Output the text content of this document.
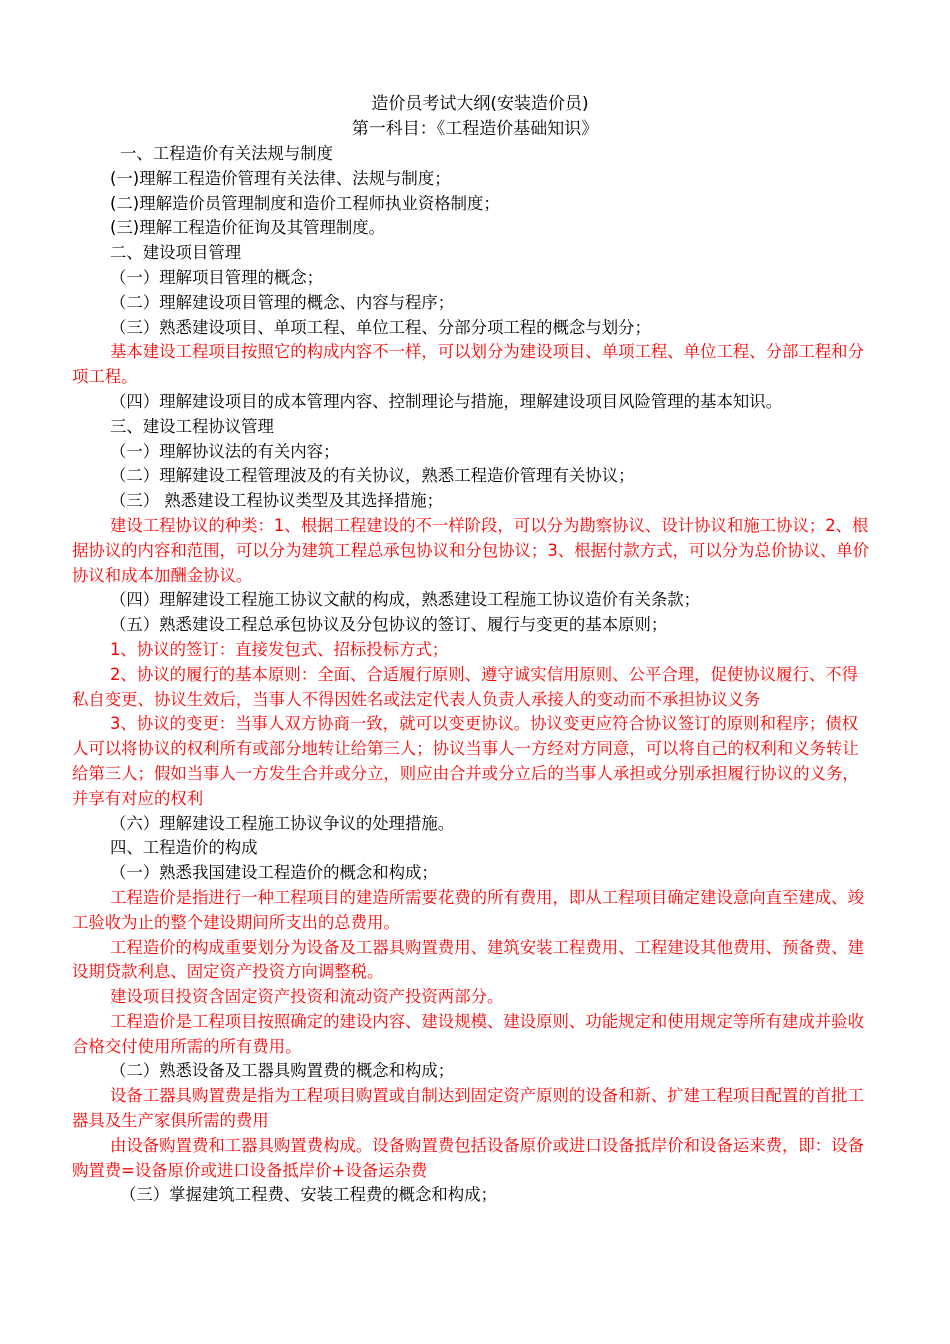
造价员考试大纲(安装造价员)
第一科目：《工程造价基础知识》
一、工程造价有关法规与制度
(一)理解工程造价管理有关法律、法规与制度；
(二)理解造价员管理制度和造价工程师执业资格制度；
(三)理解工程造价征询及其管理制度。
二、建设项目管理
（一）理解项目管理的概念；
（二）理解建设项目管理的概念、内容与程序；
（三）熟悉建设项目、单项工程、单位工程、分部分项工程的概念与划分；
基本建设工程项目按照它的构成内容不一样，可以划分为建设项目、单项工程、单位工程、分部工程和分项工程。
（四）理解建设项目的成本管理内容、控制理论与措施，理解建设项目风险管理的基本知识。
三、建设工程协议管理
（一）理解协议法的有关内容；
（二）理解建设工程管理波及的有关协议，熟悉工程造价管理有关协议；
（三） 熟悉建设工程协议类型及其选择措施；
建设工程协议的种类：1、根据工程建设的不一样阶段，可以分为勘察协议、设计协议和施工协议；2、根据协议的内容和范围，可以分为建筑工程总承包协议和分包协议；3、根据付款方式，可以分为总价协议、单价协议和成本加酬金协议。
（四）理解建设工程施工协议文献的构成，熟悉建设工程施工协议造价有关条款；
（五）熟悉建设工程总承包协议及分包协议的签订、履行与变更的基本原则；
1、协议的签订：直接发包式、招标投标方式；
2、协议的履行的基本原则：全面、合适履行原则、遵守诚实信用原则、公平合理，促使协议履行、不得私自变更、协议生效后，当事人不得因姓名或法定代表人负责人承接人的变动而不承担协议义务
3、协议的变更：当事人双方协商一致，就可以变更协议。协议变更应符合协议签订的原则和程序；债权人可以将协议的权利所有或部分地转让给第三人；协议当事人一方经对方同意，可以将自己的权利和义务转让给第三人；假如当事人一方发生合并或分立，则应由合并或分立后的当事人承担或分别承担履行协议的义务，并享有对应的权利
（六）理解建设工程施工协议争议的处理措施。
四、工程造价的构成
（一）熟悉我国建设工程造价的概念和构成；
工程造价是指进行一种工程项目的建造所需要花费的所有费用，即从工程项目确定建设意向直至建成、竣工验收为止的整个建设期间所支出的总费用。
工程造价的构成重要划分为设备及工器具购置费用、建筑安装工程费用、工程建设其他费用、预备费、建设期贷款利息、固定资产投资方向调整税。
建设项目投资含固定资产投资和流动资产投资两部分。
工程造价是工程项目按照确定的建设内容、建设规模、建设原则、功能规定和使用规定等所有建成并验收合格交付使用所需的所有费用。
（二）熟悉设备及工器具购置费的概念和构成；
设备工器具购置费是指为工程项目购置或自制达到固定资产原则的设备和新、扩建工程项目配置的首批工器具及生产家俱所需的费用
由设备购置费和工器具购置费构成。设备购置费包括设备原价或进口设备抵岸价和设备运来费，即：设备购置费=设备原价或进口设备抵岸价+设备运杂费
（三）掌握建筑工程费、安装工程费的概念和构成；
